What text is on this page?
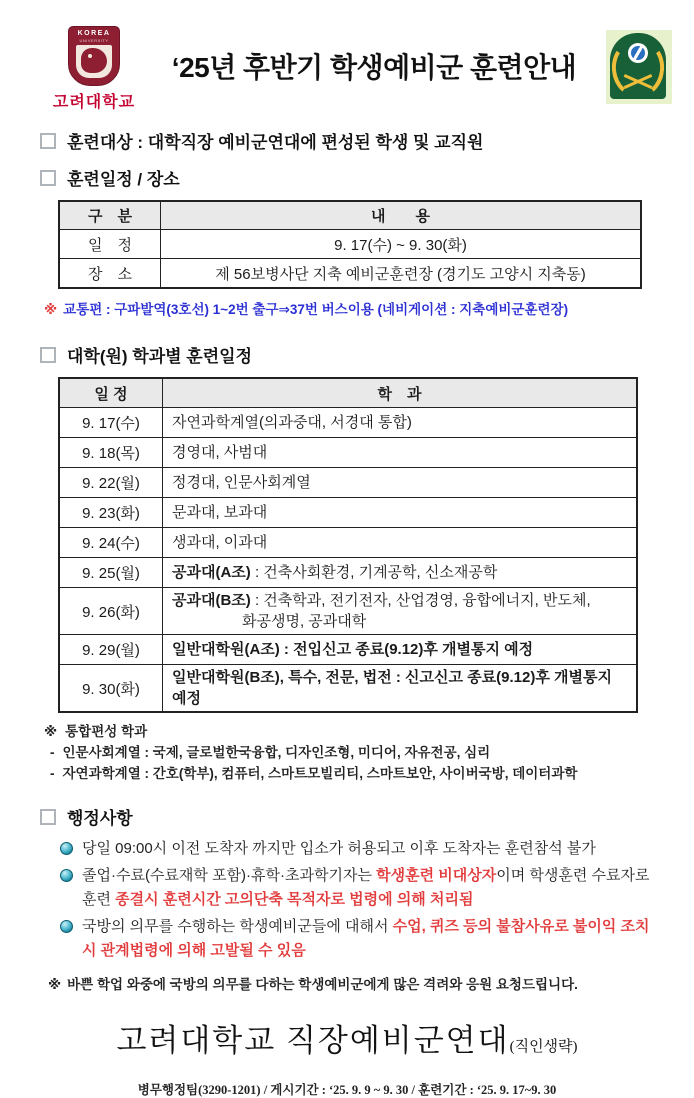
KOREA
UNIVERSITY
고려대학교
‘25년 후반기 학생예비군 훈련안내
훈련대상 : 대학직장 예비군연대에 편성된 학생 및 교직원
훈련일정 / 장소
구　분	내　　용
일　정	9. 17(수) ~ 9. 30(화)
장　소	제 56보병사단 지축 예비군훈련장 (경기도 고양시 지축동)
※ 교통편 : 구파발역(3호선) 1~2번 출구⇒37번 버스이용 (네비게이션 : 지축예비군훈련장)
대학(원) 학과별 훈련일정
일 정	학　과
9. 17(수)	자연과학계열(의과중대, 서경대 통합)
9. 18(목)	경영대, 사범대
9. 22(월)	정경대, 인문사회계열
9. 23(화)	문과대, 보과대
9. 24(수)	생과대, 이과대
9. 25(월)	공과대(A조) : 건축사회환경, 기계공학, 신소재공학
9. 26(화)	공과대(B조) : 건축학과, 전기전자, 산업경영, 융합에너지, 반도체,
화공생명, 공과대학
9. 29(월)	일반대학원(A조) : 전입신고 종료(9.12)후 개별통지 예정
9. 30(화)	일반대학원(B조), 특수, 전문, 법전 : 신고신고 종료(9.12)후 개별통지 예정
※ 통합편성 학과
- 인문사회계열 : 국제, 글로벌한국융합, 디자인조형, 미디어, 자유전공, 심리
- 자연과학계열 : 간호(학부), 컴퓨터, 스마트모빌리티, 스마트보안, 사이버국방, 데이터과학
행정사항
당일 09:00시 이전 도착자 까지만 입소가 허용되고 이후 도착자는 훈련참석 불가
졸업·수료(수료재학 포함)·휴학·초과학기자는 학생훈련 비대상자이며 학생훈련 수료자로 훈련 종결시 훈련시간 고의단축 목적자로 법령에 의해 처리됨
국방의 의무를 수행하는 학생예비군들에 대해서 수업, 퀴즈 등의 불참사유로 불이익 조치시 관계법령에 의해 고발될 수 있음
※ 바쁜 학업 와중에 국방의 의무를 다하는 학생예비군에게 많은 격려와 응원 요청드립니다.
고려대학교 직장예비군연대(직인생략)
병무행정팀(3290-1201) / 게시기간 : ‘25. 9. 9 ~ 9. 30 / 훈련기간 : ‘25. 9. 17~9. 30
